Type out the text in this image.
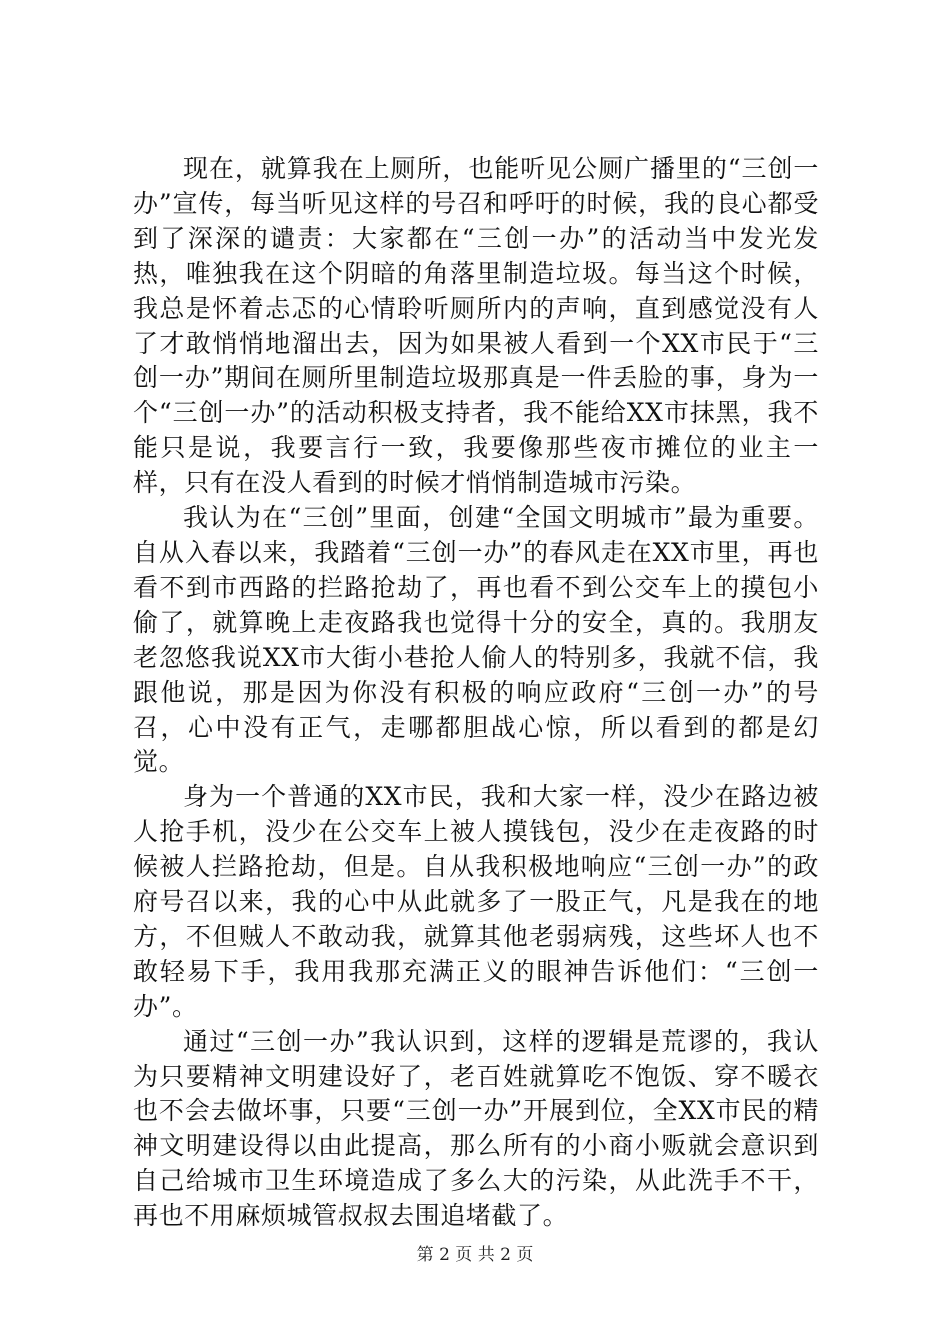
现在，就算我在上厕所，也能听见公厕广播里的“三创一办”宣传，每当听见这样的号召和呼吁的时候，我的良心都受到了深深的谴责：大家都在“三创一办”的活动当中发光发热，唯独我在这个阴暗的角落里制造垃圾。每当这个时候，我总是怀着忐忑的心情聆听厕所内的声响，直到感觉没有人了才敢悄悄地溜出去，因为如果被人看到一个XX市民于“三创一办”期间在厕所里制造垃圾那真是一件丢脸的事，身为一个“三创一办”的活动积极支持者，我不能给XX市抹黑，我不能只是说，我要言行一致，我要像那些夜市摊位的业主一样，只有在没人看到的时候才悄悄制造城市污染。

我认为在“三创”里面，创建“全国文明城市”最为重要。自从入春以来，我踏着“三创一办”的春风走在XX市里，再也看不到市西路的拦路抢劫了，再也看不到公交车上的摸包小偷了，就算晚上走夜路我也觉得十分的安全，真的。我朋友老忽悠我说XX市大街小巷抢人偷人的特别多，我就不信，我跟他说，那是因为你没有积极的响应政府“三创一办”的号召，心中没有正气，走哪都胆战心惊，所以看到的都是幻觉。

身为一个普通的XX市民，我和大家一样，没少在路边被人抢手机，没少在公交车上被人摸钱包，没少在走夜路的时候被人拦路抢劫，但是。自从我积极地响应“三创一办”的政府号召以来，我的心中从此就多了一股正气，凡是我在的地方，不但贼人不敢动我，就算其他老弱病残，这些坏人也不敢轻易下手，我用我那充满正义的眼神告诉他们：“三创一办”。

通过“三创一办”我认识到，这样的逻辑是荒谬的，我认为只要精神文明建设好了，老百姓就算吃不饱饭、穿不暖衣也不会去做坏事，只要“三创一办”开展到位，全XX市民的精神文明建设得以由此提高，那么所有的小商小贩就会意识到自己给城市卫生环境造成了多么大的污染，从此洗手不干，再也不用麻烦城管叔叔去围追堵截了。

第 2 页 共 2 页
